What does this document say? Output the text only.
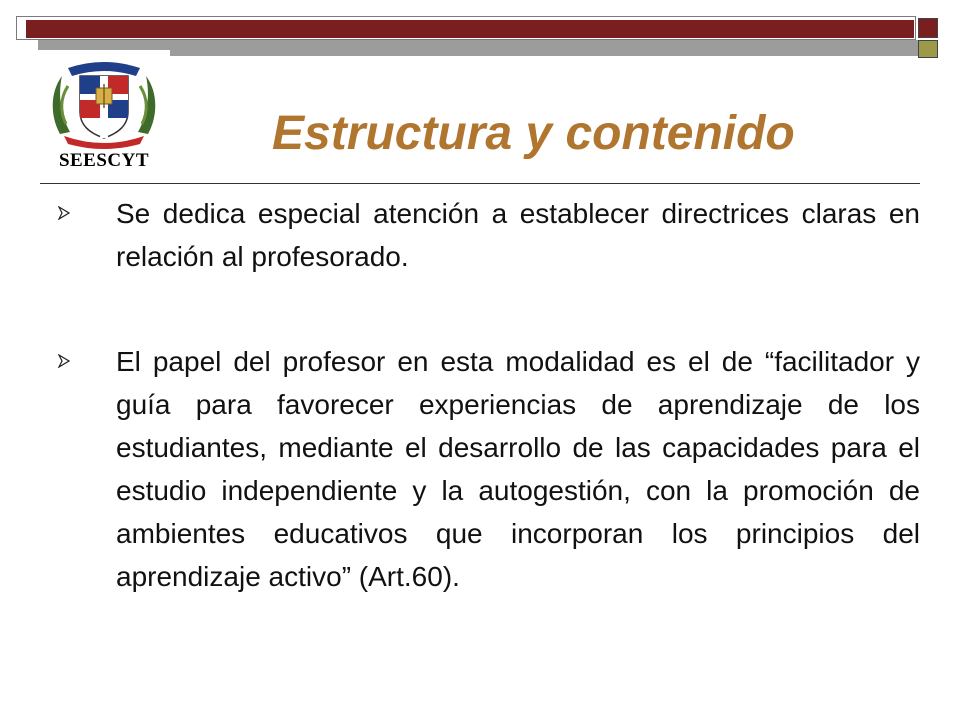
SEESCYT
Estructura y contenido
Se dedica especial atención a establecer directrices claras en relación al profesorado.
El papel del profesor en esta modalidad es el de “facilitador y guía para favorecer experiencias de aprendizaje de los estudiantes, mediante el desarrollo de las capacidades para el estudio independiente y la autogestión, con la promoción de ambientes educativos que incorporan los principios del aprendizaje activo” (Art.60).
